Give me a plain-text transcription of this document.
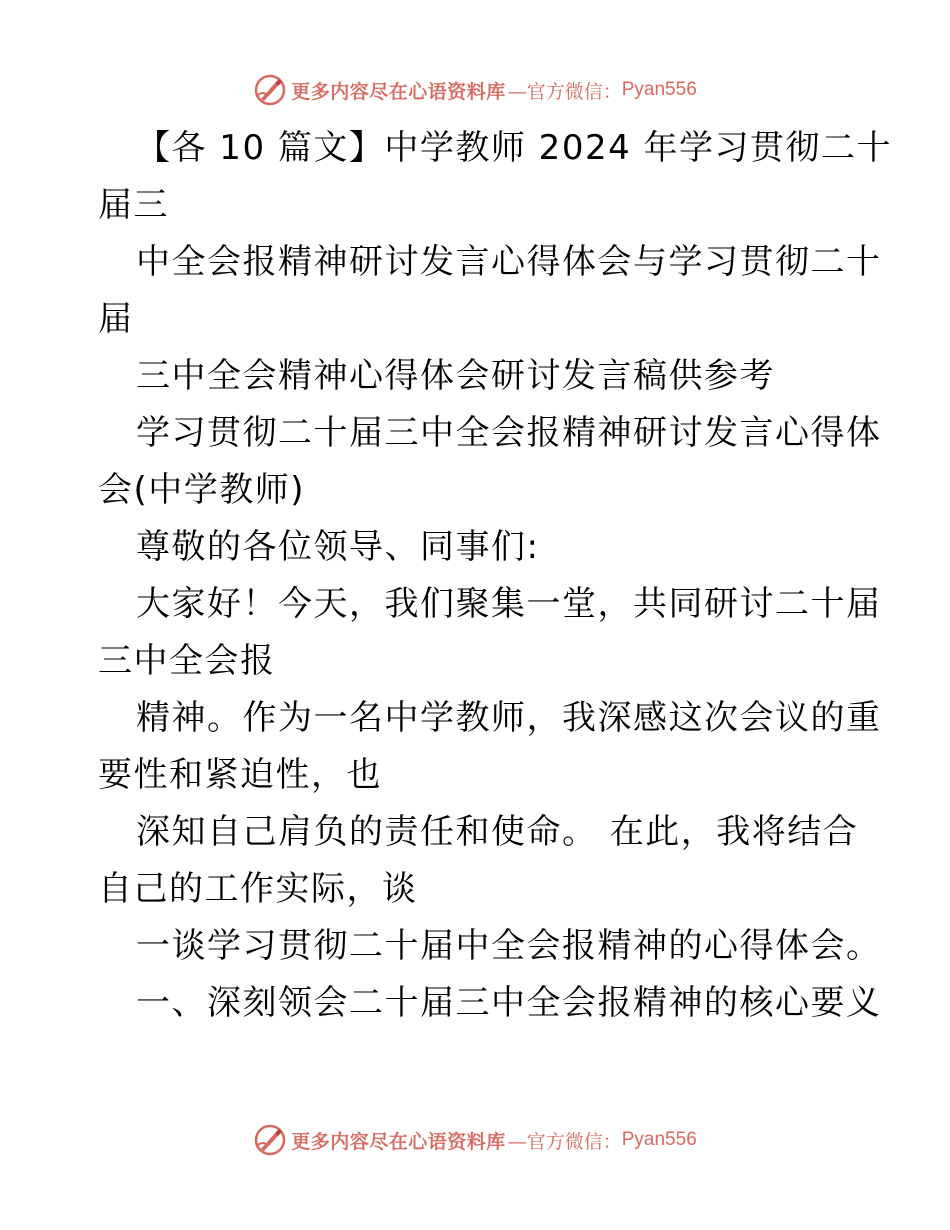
更多内容尽在心语资料库 —官方微信： Pyan556
【各 10 篇文】中学教师 2024 年学习贯彻二十
届三
中全会报精神研讨发言心得体会与学习贯彻二十
届
三中全会精神心得体会研讨发言稿供参考
学习贯彻二十届三中全会报精神研讨发言心得体
会(中学教师)
尊敬的各位领导、同事们:
大家好！今天，我们聚集一堂，共同研讨二十届
三中全会报
精神。作为一名中学教师，我深感这次会议的重
要性和紧迫性，也
深知自己肩负的责任和使命。 在此，我将结合
自己的工作实际，谈
一谈学习贯彻二十届中全会报精神的心得体会。
一、深刻领会二十届三中全会报精神的核心要义
更多内容尽在心语资料库 —官方微信： Pyan556
